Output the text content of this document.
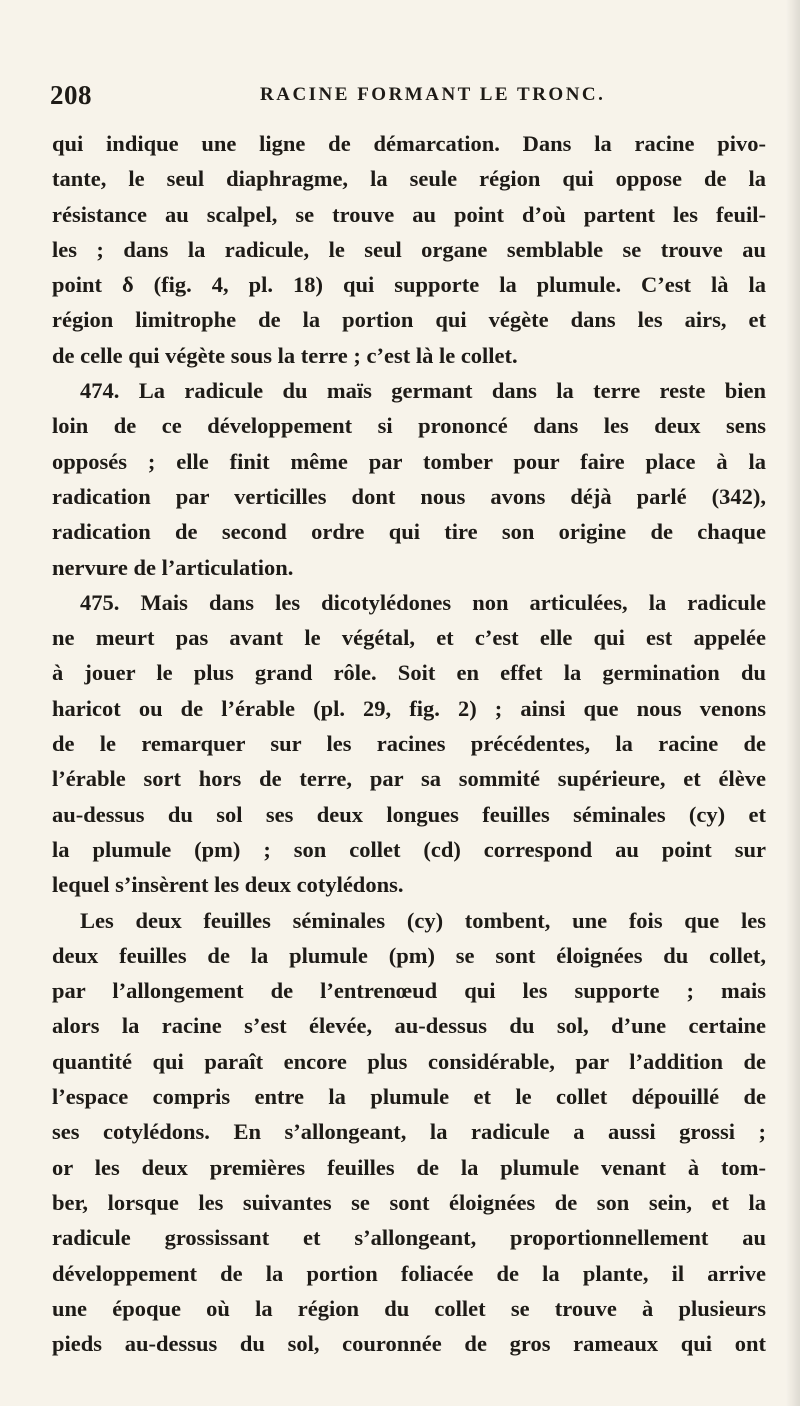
208	RACINE FORMANT LE TRONC.
qui indique une ligne de démarcation. Dans la racine pivo-
tante, le seul diaphragme, la seule région qui oppose de la
résistance au scalpel, se trouve au point d’où partent les feuil-
les ; dans la radicule, le seul organe semblable se trouve au
point δ (fig. 4, pl. 18) qui supporte la plumule. C’est là la
région limitrophe de la portion qui végète dans les airs, et
de celle qui végète sous la terre ; c’est là le collet.
474. La radicule du maïs germant dans la terre reste bien
loin de ce développement si prononcé dans les deux sens
opposés ; elle finit même par tomber pour faire place à la
radication par verticilles dont nous avons déjà parlé (342),
radication de second ordre qui tire son origine de chaque
nervure de l’articulation.
475. Mais dans les dicotylédones non articulées, la radicule
ne meurt pas avant le végétal, et c’est elle qui est appelée
à jouer le plus grand rôle. Soit en effet la germination du
haricot ou de l’érable (pl. 29, fig. 2) ; ainsi que nous venons
de le remarquer sur les racines précédentes, la racine de
l’érable sort hors de terre, par sa sommité supérieure, et élève
au-dessus du sol ses deux longues feuilles séminales (cy) et
la plumule (pm) ; son collet (cd) correspond au point sur
lequel s’insèrent les deux cotylédons.
Les deux feuilles séminales (cy) tombent, une fois que les
deux feuilles de la plumule (pm) se sont éloignées du collet,
par l’allongement de l’entrenœud qui les supporte ; mais
alors la racine s’est élevée, au-dessus du sol, d’une certaine
quantité qui paraît encore plus considérable, par l’addition de
l’espace compris entre la plumule et le collet dépouillé de
ses cotylédons. En s’allongeant, la radicule a aussi grossi ;
or les deux premières feuilles de la plumule venant à tom-
ber, lorsque les suivantes se sont éloignées de son sein, et la
radicule grossissant et s’allongeant, proportionnellement au
développement de la portion foliacée de la plante, il arrive
une époque où la région du collet se trouve à plusieurs
pieds au-dessus du sol, couronnée de gros rameaux qui ont
